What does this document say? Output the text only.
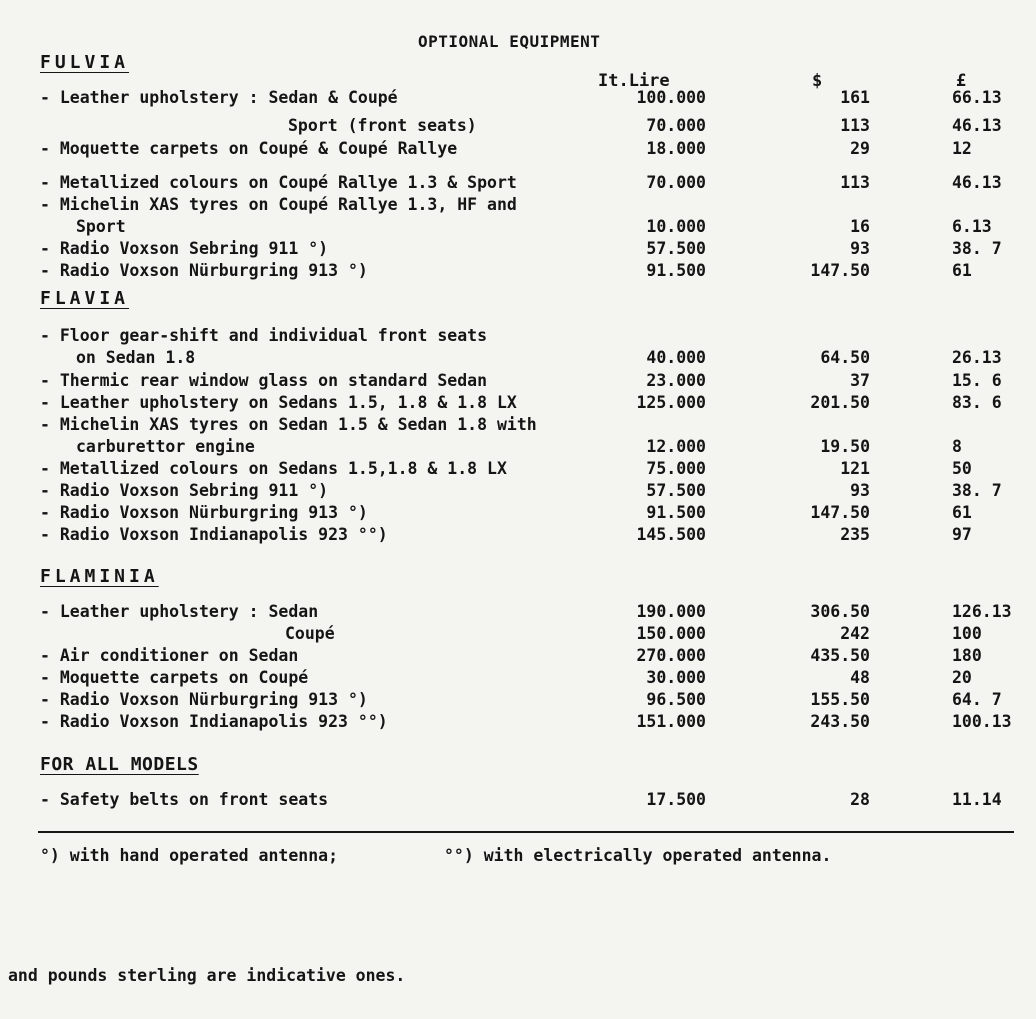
OPTIONAL EQUIPMENT
It.Lire	$	£
FULVIA
- Leather upholstery : Sedan & Coupé	100.000	161	66.13
Sport (front seats)	70.000	113	46.13
- Moquette carpets on Coupé & Coupé Rallye	18.000	29	12
- Metallized colours on Coupé Rallye 1.3 & Sport	70.000	113	46.13
- Michelin XAS tyres on Coupé Rallye 1.3, HF and
Sport	10.000	16	6.13
- Radio Voxson Sebring 911 °)	57.500	93	38. 7
- Radio Voxson Nürburgring 913 °)	91.500	147.50	61
FLAVIA
- Floor gear-shift and individual front seats
on Sedan 1.8	40.000	64.50	26.13
- Thermic rear window glass on standard Sedan	23.000	37	15. 6
- Leather upholstery on Sedans 1.5, 1.8 & 1.8 LX	125.000	201.50	83. 6
- Michelin XAS tyres on Sedan 1.5 & Sedan 1.8 with
carburettor engine	12.000	19.50	8
- Metallized colours on Sedans 1.5,1.8 & 1.8 LX	75.000	121	50
- Radio Voxson Sebring 911 °)	57.500	93	38. 7
- Radio Voxson Nürburgring 913 °)	91.500	147.50	61
- Radio Voxson Indianapolis 923 °°)	145.500	235	97
FLAMINIA
- Leather upholstery : Sedan	190.000	306.50	126.13
Coupé	150.000	242	100
- Air conditioner on Sedan	270.000	435.50	180
- Moquette carpets on Coupé	30.000	48	20
- Radio Voxson Nürburgring 913 °)	96.500	155.50	64. 7
- Radio Voxson Indianapolis 923 °°)	151.000	243.50	100.13
FOR ALL MODELS
- Safety belts on front seats	17.500	28	11.14
°) with hand operated antenna;	°°) with electrically operated antenna.
and pounds sterling are indicative ones.
